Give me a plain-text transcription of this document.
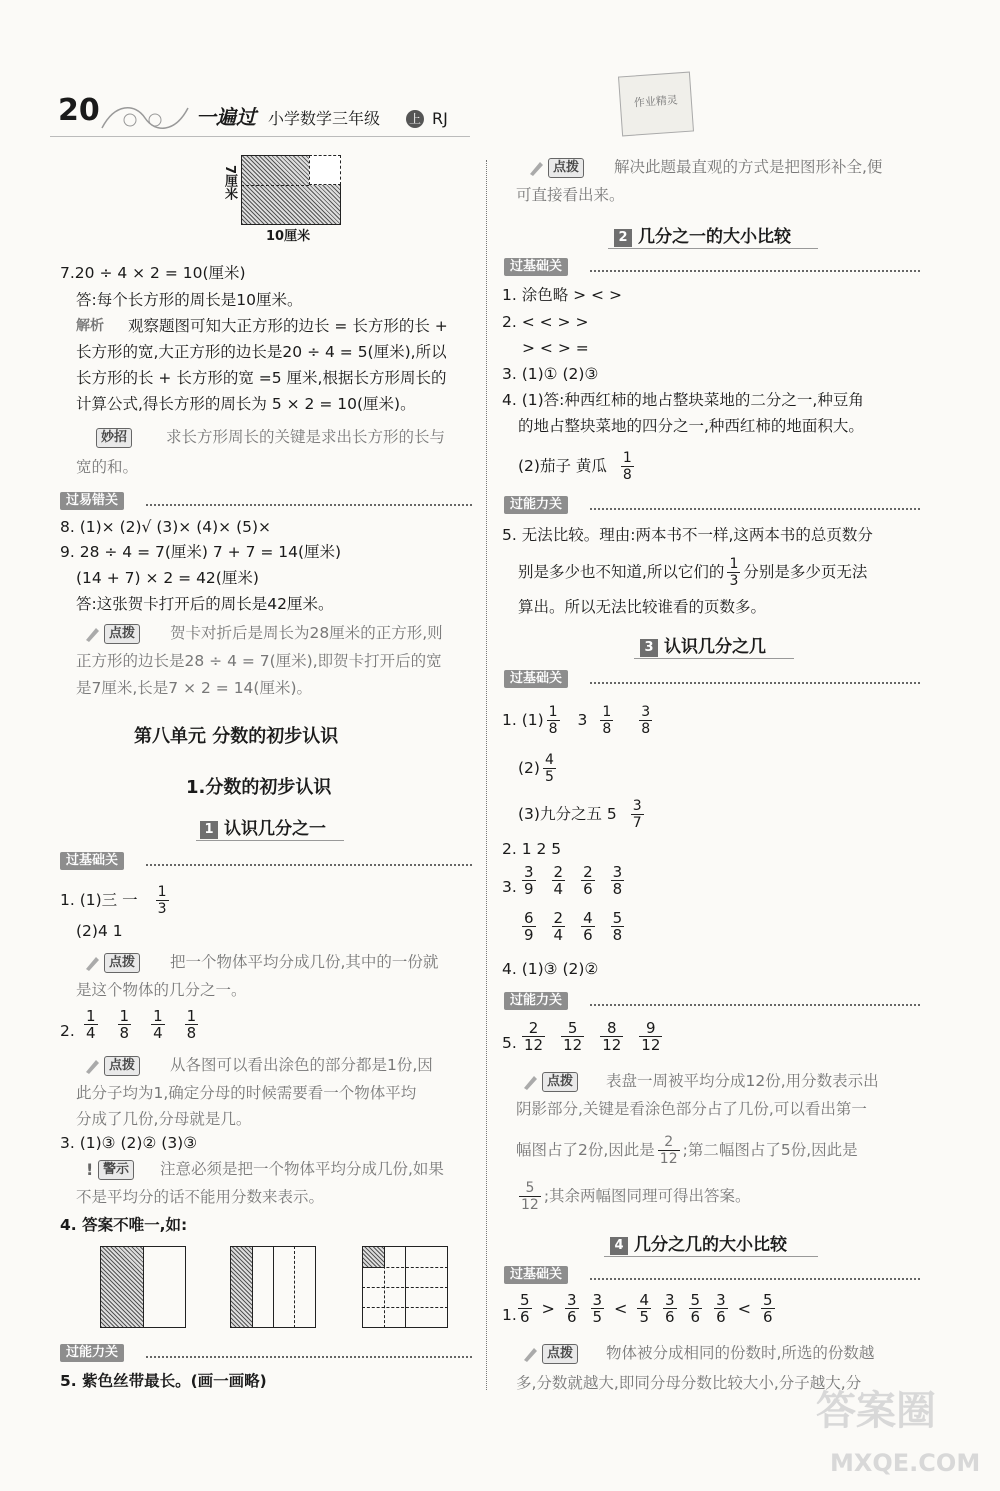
20	一遍过 小学数学三年级 上 RJ
作业精灵
7厘米
10厘米
7.20 ÷ 4 × 2 = 10(厘米)
答:每个长方形的周长是10厘米。
解析 观察题图可知大正方形的边长 = 长方形的长 +
长方形的宽,大正方形的边长是20 ÷ 4 = 5(厘米),所以
长方形的长 + 长方形的宽 =5 厘米,根据长方形周长的
计算公式,得长方形的周长为 5 × 2 = 10(厘米)。
妙招	求长方形周长的关键是求出长方形的长与
宽的和。
过易错关
8. (1)× (2)√ (3)× (4)× (5)×
9. 28 ÷ 4 = 7(厘米) 7 + 7 = 14(厘米)
(14 + 7) × 2 = 42(厘米)
答:这张贺卡打开后的周长是42厘米。
点拨	贺卡对折后是周长为28厘米的正方形,则
正方形的边长是28 ÷ 4 = 7(厘米),即贺卡打开后的宽
是7厘米,长是7 × 2 = 14(厘米)。
第八单元 分数的初步认识
1.分数的初步认识
1 认识几分之一
过基础关
1. (1)三 一 $\frac{1}{3}$
(2)4 1
点拨	把一个物体平均分成几份,其中的一份就
是这个物体的几分之一。
2. $\frac{1}{4} \frac{1}{8} \frac{1}{4} \frac{1}{8}$
点拨	从各图可以看出涂色的部分都是1份,因
此分子均为1,确定分母的时候需要看一个物体平均
分成了几份,分母就是几。
3. (1)③ (2)② (3)③
! 警示	注意必须是把一个物体平均分成几份,如果
不是平均分的话不能用分数来表示。
4. 答案不唯一,如:
过能力关
5. 紫色丝带最长。(画一画略)
点拨	解决此题最直观的方式是把图形补全,便
可直接看出来。
2 几分之一的大小比较
过基础关
1. 涂色略 > < >
2. < < > >
> < > =
3. (1)① (2)③
4. (1)答:种西红柿的地占整块菜地的二分之一,种豆角
的地占整块菜地的四分之一,种西红柿的地面积大。
(2)茄子 黄瓜 $\frac{1}{8}$
过能力关
5. 无法比较。理由:两本书不一样,这两本书的总页数分
别是多少也不知道,所以它们的 $\frac{1}{3}$ 分别是多少页无法
算出。所以无法比较谁看的页数多。
3 认识几分之几
过基础关
1. $(1) \frac{1}{8} 3 \frac{1}{8}$
$\frac{3}{8}$
$(2) \frac{4}{5}$
(3)九分之五 $5 \frac{3}{7}$
2. 1 2 5
3. $\frac{3}{9} \frac{2}{4} \frac{2}{6} \frac{3}{8}$
$\frac{6}{9} \frac{2}{4} \frac{4}{6} \frac{5}{8}$
4. (1)③ (2)②
过能力关
5. $\frac{2}{12} \frac{5}{12} \frac{8}{12} \frac{9}{12}$
点拨	表盘一周被平均分成12份,用分数表示出
阴影部分,关键是看涂色部分占了几份,可以看出第一
幅图占了2份,因此是 $\frac{2}{12}$ ;第二幅图占了5份,因此是
$\frac{5}{12}$ ;其余两幅图同理可得出答案。
4 几分之几的大小比较
过基础关
1. $\frac{5}{6} > \frac{3}{6} \frac{3}{5} < \frac{4}{5} \frac{3}{6} \frac{5}{6} \frac{3}{6} < \frac{5}{6}$
点拨	物体被分成相同的份数时,所选的份数越
多,分数就越大,即同分母分数比较大小,分子越大,分
答案圈
MXQE.COM
